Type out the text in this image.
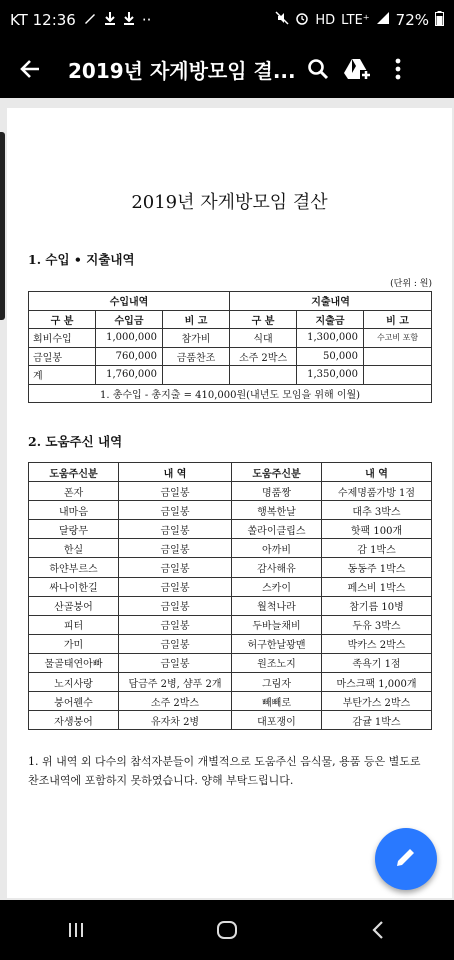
KT 12:36	··	HD LTE⁺ 72%
2019년 자게방모임 결...
2019년 자게방모임 결산
1. 수입 • 지출내역
(단위 : 원)
수입내역			지출내역		
구 분	수입금	비 고	구 분	지출금	비 고
회비수입	1,000,000	참가비	식대	1,300,000	수고비 포함
금일봉	760,000	금품찬조	소주 2박스	50,000	
계	1,760,000			1,350,000	
1. 총수입 - 총지출 = 410,000원(내년도 모임을 위해 이월)					
2. 도움주신 내역
도움주신분	내 역	도움주신분	내 역
폰자	금일봉	명품짱	수제명품가방 1점
내마음	금일봉	행복한날	대추 3박스
달랑무	금일봉	쏠라이클립스	핫팩 100개
한실	금일봉	아까비	감 1박스
하얀부르스	금일봉	감사해유	동동주 1박스
싸나이한길	금일봉	스카이	페스비 1박스
산골붕어	금일봉	월척나라	참기름 10병
피터	금일봉	두바늘채비	두유 3박스
가미	금일봉	허구한날꽝맨	박카스 2박스
물골태연아빠	금일봉	원조노지	족욕기 1점
노지사랑	담금주 2병, 샴푸 2개	그림자	마스크팩 1,000개
붕어웬수	소주 2박스	빼빼로	부탄가스 2박스
자생붕어	유자차 2병	대포쟁이	감귤 1박스
1. 위 내역 외 다수의 참석자분들이 개별적으로 도움주신 음식물, 용품 등은 별도로 찬조내역에 포함하지 못하였습니다. 양해 부탁드립니다.
